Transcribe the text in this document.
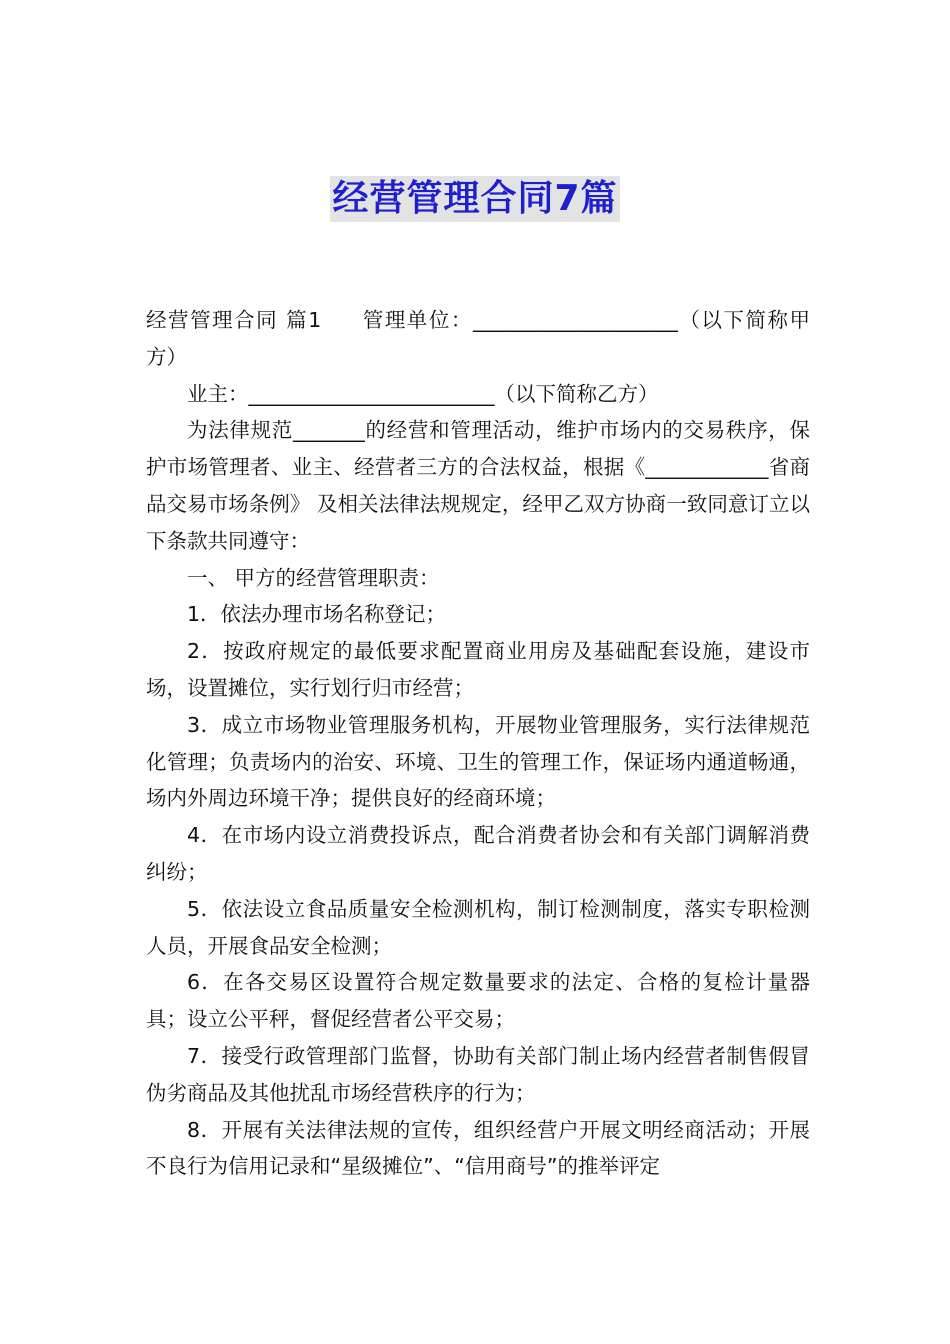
经营管理合同7篇

经营管理合同 篇1 管理单位：____________________（以下简称甲方）

业主：________________________（以下简称乙方）

为法律规范_______的经营和管理活动，维护市场内的交易秩序，保护市场管理者、业主、经营者三方的合法权益，根据《____________省商品交易市场条例》 及相关法律法规规定，经甲乙双方协商一致同意订立以下条款共同遵守：

一、 甲方的经营管理职责：

1．依法办理市场名称登记；

2．按政府规定的最低要求配置商业用房及基础配套设施，建设市场，设置摊位，实行划行归市经营；

3．成立市场物业管理服务机构，开展物业管理服务，实行法律规范化管理；负责场内的治安、环境、卫生的管理工作，保证场内通道畅通，场内外周边环境干净；提供良好的经商环境；

4．在市场内设立消费投诉点，配合消费者协会和有关部门调解消费纠纷；

5．依法设立食品质量安全检测机构，制订检测制度，落实专职检测人员，开展食品安全检测；

6．在各交易区设置符合规定数量要求的法定、合格的复检计量器具；设立公平秤，督促经营者公平交易；

7．接受行政管理部门监督，协助有关部门制止场内经营者制售假冒伪劣商品及其他扰乱市场经营秩序的行为；

8．开展有关法律法规的宣传，组织经营户开展文明经商活动；开展不良行为信用记录和“星级摊位”、“信用商号”的推举评定
